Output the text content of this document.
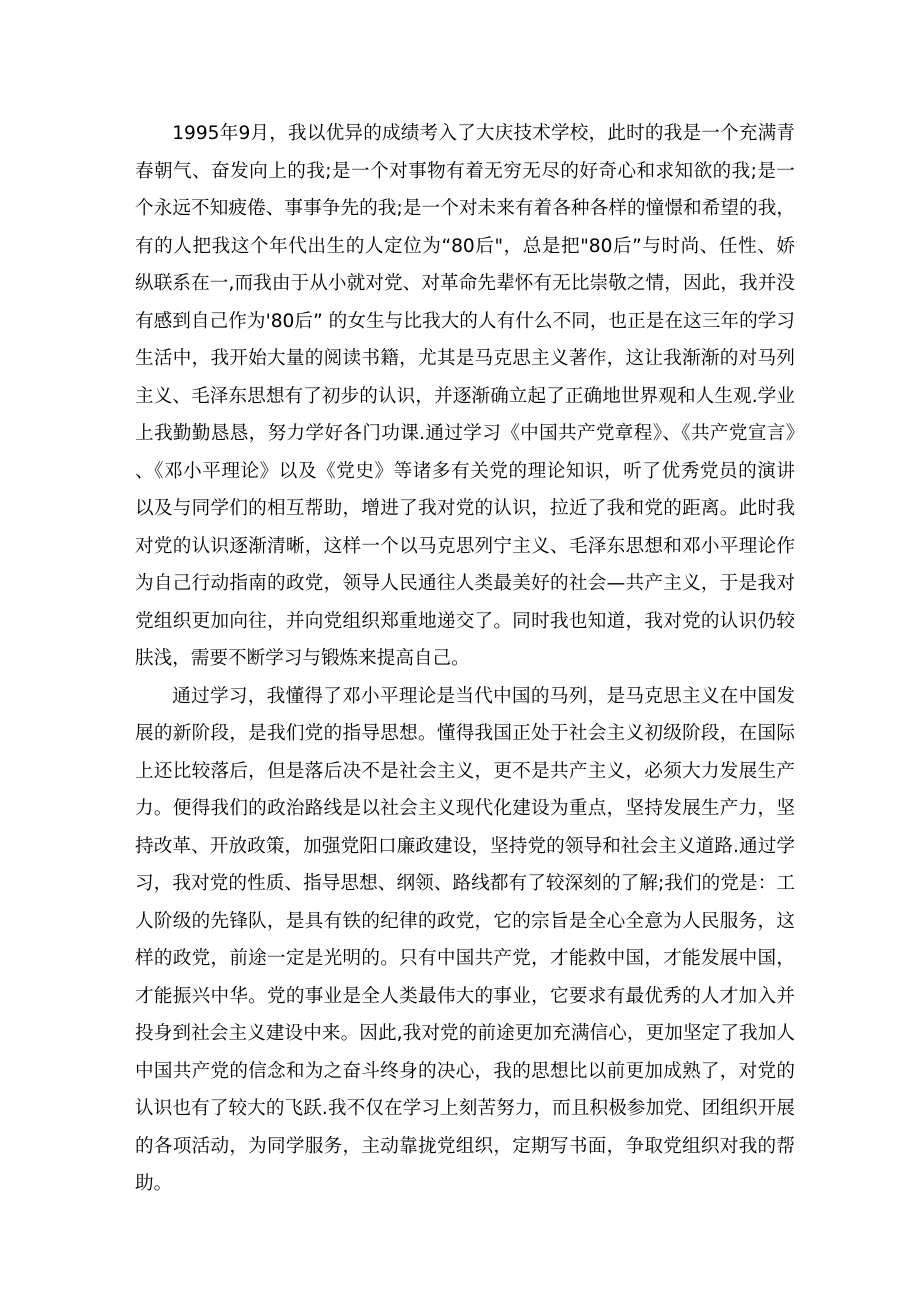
1995年9月，我以优异的成绩考入了大庆技术学校，此时的我是一个充满青春朝气、奋发向上的我;是一个对事物有着无穷无尽的好奇心和求知欲的我;是一个永远不知疲倦、事事争先的我;是一个对未来有着各种各样的憧憬和希望的我，有的人把我这个年代出生的人定位为“80后"，总是把"80后”与时尚、任性、娇纵联系在一,而我由于从小就对党、对革命先辈怀有无比崇敬之情，因此，我并没有感到自己作为'80后” 的女生与比我大的人有什么不同，也正是在这三年的学习生活中，我开始大量的阅读书籍，尤其是马克思主义著作，这让我渐渐的对马列主义、毛泽东思想有了初步的认识，并逐渐确立起了正确地世界观和人生观.学业上我勤勤恳恳，努力学好各门功课.通过学习《中国共产党章程》、《共产党宣言》、《邓小平理论》以及《党史》等诸多有关党的理论知识，听了优秀党员的演讲以及与同学们的相互帮助，增进了我对党的认识，拉近了我和党的距离。此时我对党的认识逐渐清晰，这样一个以马克思列宁主义、毛泽东思想和邓小平理论作为自己行动指南的政党，领导人民通往人类最美好的社会—共产主义，于是我对党组织更加向往，并向党组织郑重地递交了。同时我也知道，我对党的认识仍较肤浅，需要不断学习与锻炼来提高自己。

通过学习，我懂得了邓小平理论是当代中国的马列，是马克思主义在中国发展的新阶段，是我们党的指导思想。懂得我国正处于社会主义初级阶段，在国际上还比较落后，但是落后决不是社会主义，更不是共产主义，必须大力发展生产力。便得我们的政治路线是以社会主义现代化建设为重点，坚持发展生产力，坚持改革、开放政策，加强党阳口廉政建设，坚持党的领导和社会主义道路.通过学习，我对党的性质、指导思想、纲领、路线都有了较深刻的了解;我们的党是：工人阶级的先锋队，是具有铁的纪律的政党，它的宗旨是全心全意为人民服务，这样的政党，前途一定是光明的。只有中国共产党，才能救中国，才能发展中国，才能振兴中华。党的事业是全人类最伟大的事业，它要求有最优秀的人才加入并投身到社会主义建设中来。因此,我对党的前途更加充满信心，更加坚定了我加人中国共产党的信念和为之奋斗终身的决心，我的思想比以前更加成熟了，对党的认识也有了较大的飞跃.我不仅在学习上刻苦努力，而且积极参加党、团组织开展的各项活动，为同学服务，主动靠拢党组织，定期写书面，争取党组织对我的帮助。
